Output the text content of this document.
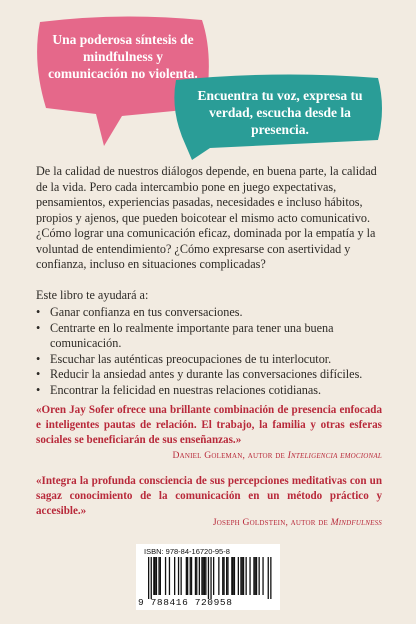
Una poderosa síntesis de mindfulness y comunicación no violenta.

Encuentra tu voz, expresa tu verdad, escucha desde la presencia.

De la calidad de nuestros diálogos depende, en buena parte, la calidad de la vida. Pero cada intercambio pone en juego expectativas, pensamientos, experiencias pasadas, necesidades e incluso hábitos, propios y ajenos, que pueden boicotear el mismo acto comunicativo.

¿Cómo lograr una comunicación eficaz, dominada por la empatía y la voluntad de entendimiento? ¿Cómo expresarse con asertividad y confianza, incluso en situaciones complicadas?

Este libro te ayudará a:

• Ganar confianza en tus conversaciones.
• Centrarte en lo realmente importante para tener una buena comunicación.
• Escuchar las auténticas preocupaciones de tu interlocutor.
• Reducir la ansiedad antes y durante las conversaciones difíciles.
• Encontrar la felicidad en nuestras relaciones cotidianas.

«Oren Jay Sofer ofrece una brillante combinación de presencia enfocada e inteligentes pautas de relación. El trabajo, la familia y otras esferas sociales se beneficiarán de sus enseñanzas.»

Daniel Goleman, autor de Inteligencia emocional

«Integra la profunda consciencia de sus percepciones meditativas con un sagaz conocimiento de la comunicación en un método práctico y accesible.»

Joseph Goldstein, autor de Mindfulness

ISBN: 978-84-16720-95-8

9 788416 720958
